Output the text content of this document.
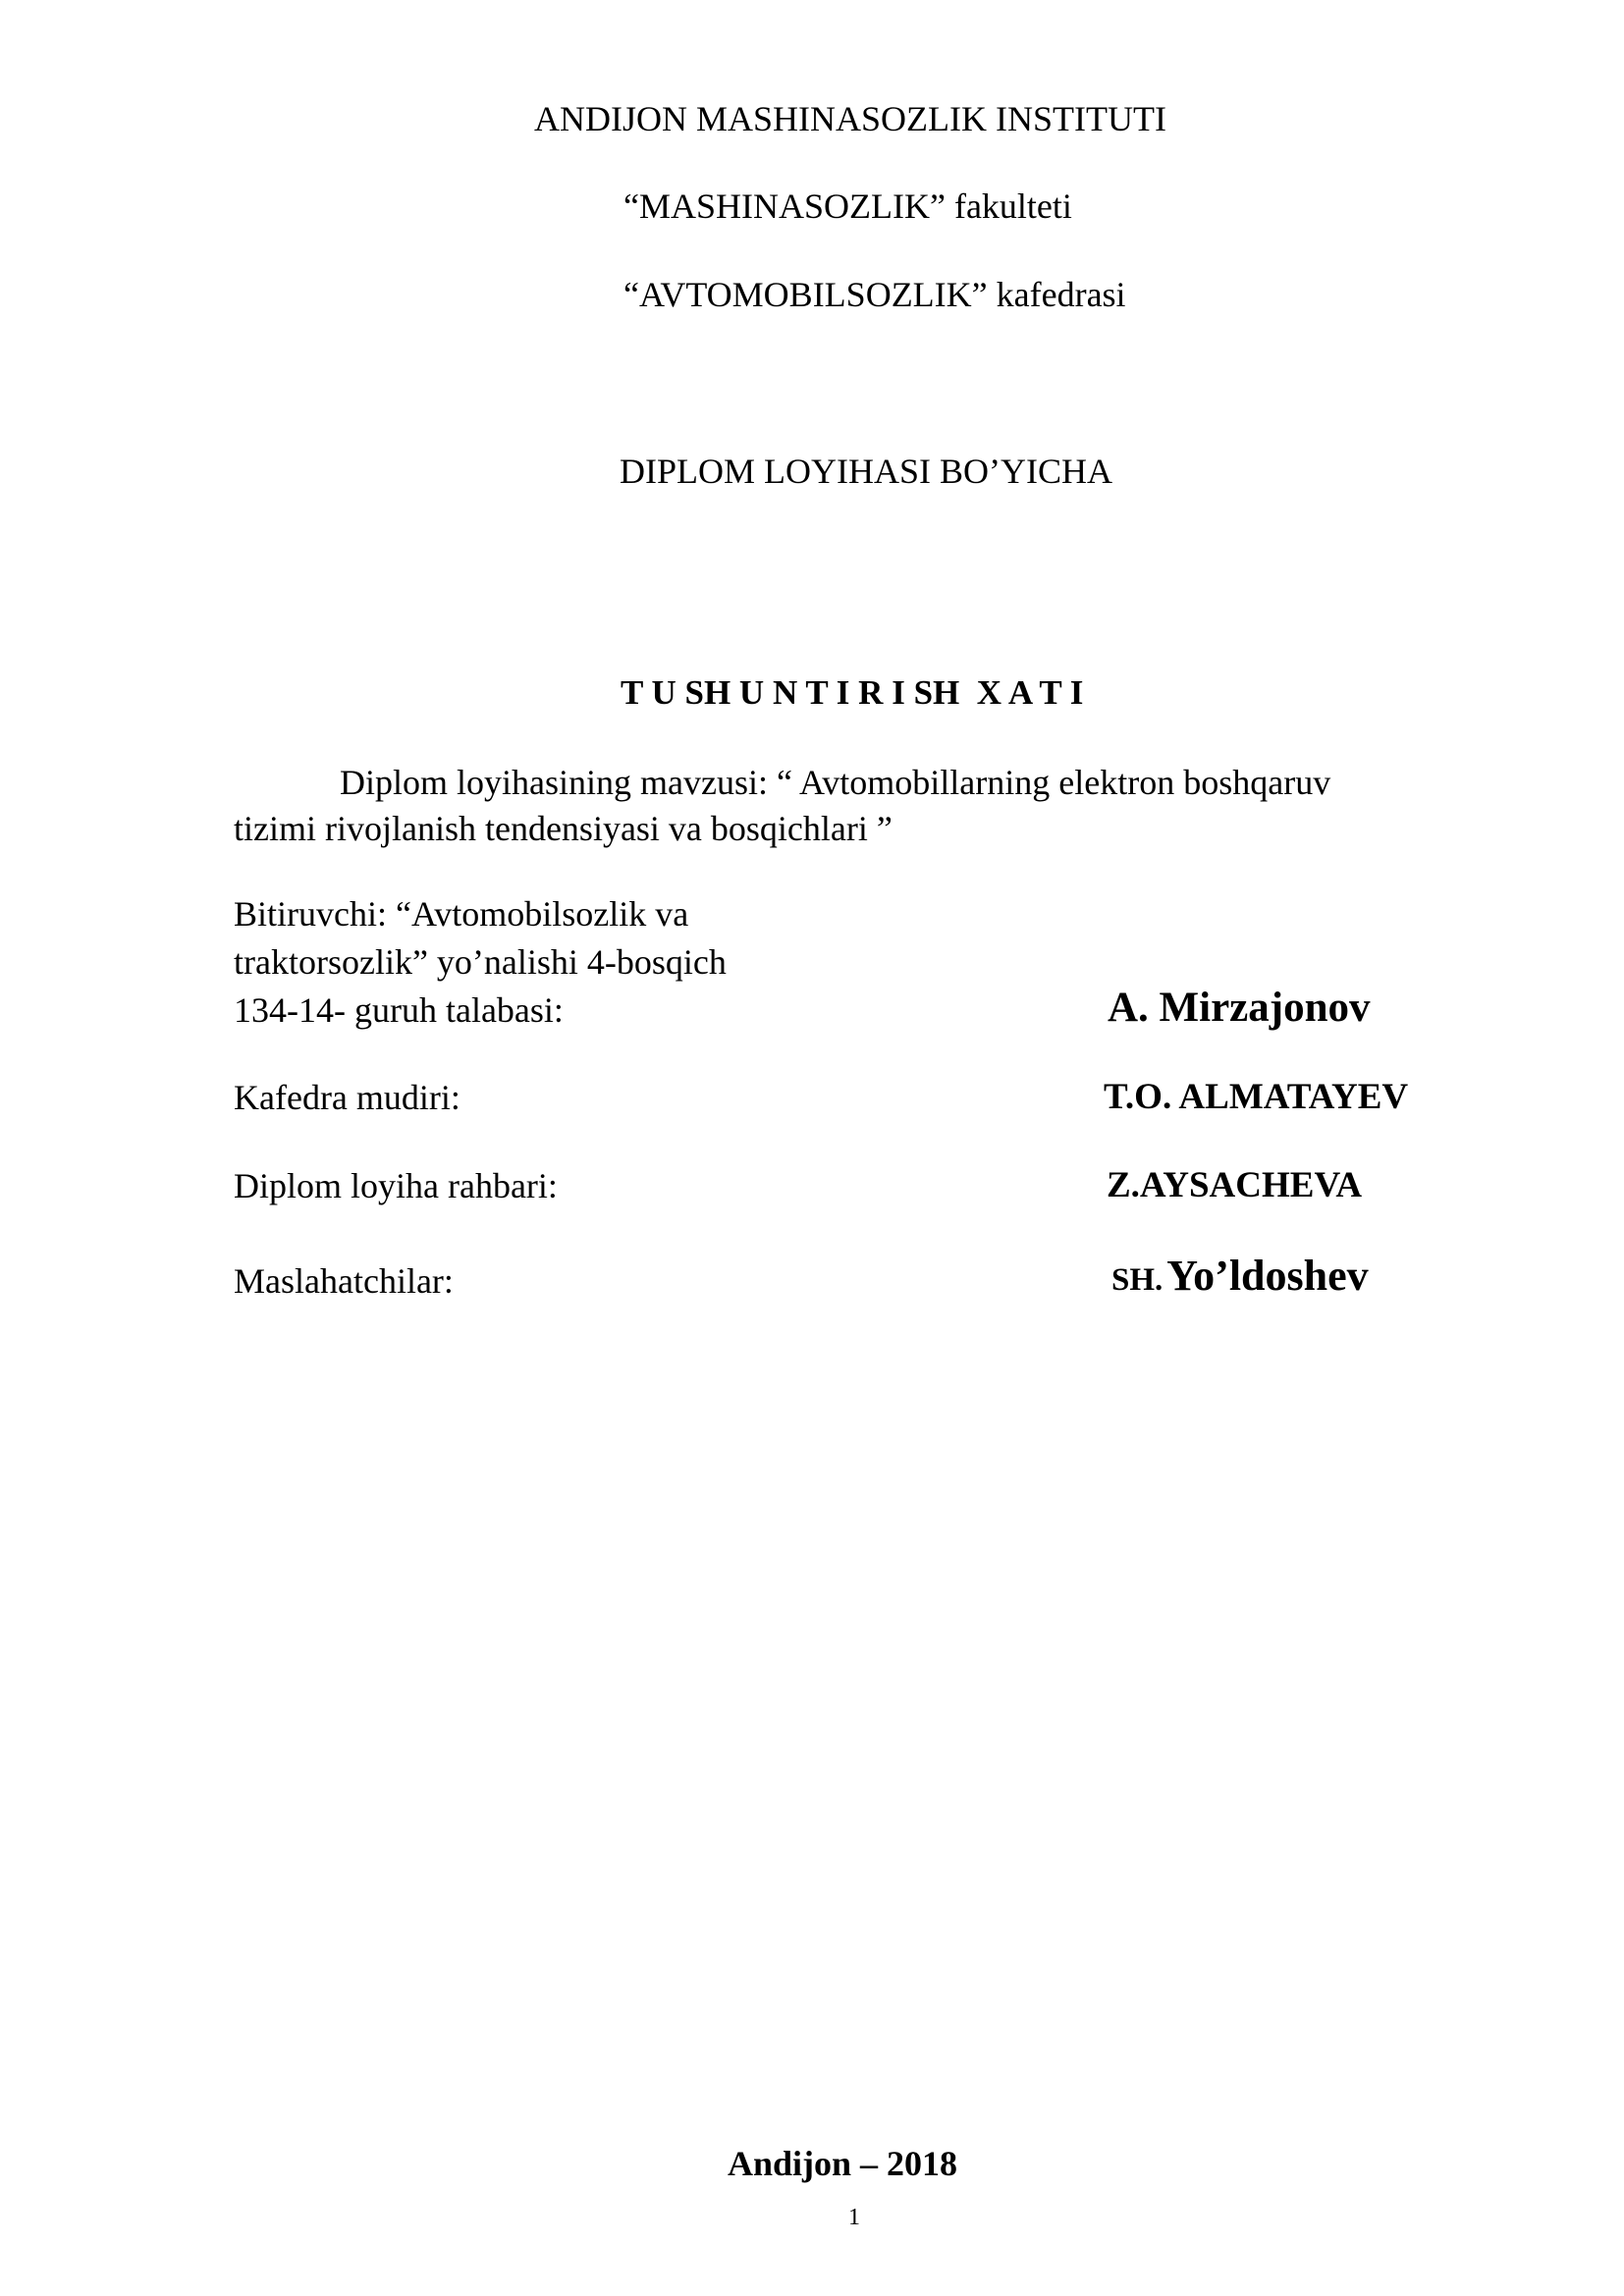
ANDIJON MASHINASOZLIK INSTITUTI
“MASHINASOZLIK” fakulteti
“AVTOMOBILSOZLIK” kafedrasi
DIPLOM LOYIHASI BO’YICHA
T U SH U N T I R I SH  X A T I
Diplom loyihasining mavzusi: “ Avtomobillarning elektron boshqaruv
tizimi rivojlanish tendensiyasi va bosqichlari ”
Bitiruvchi: “Avtomobilsozlik va
traktorsozlik” yo’nalishi 4-bosqich
134-14- guruh talabasi:	A. Mirzajonov
Kafedra mudiri:	T.O. ALMATAYEV
Diplom loyiha rahbari:	Z.AYSACHEVA
Maslahatchilar:	SH. Yo’ldoshev
Andijon – 2018
1
